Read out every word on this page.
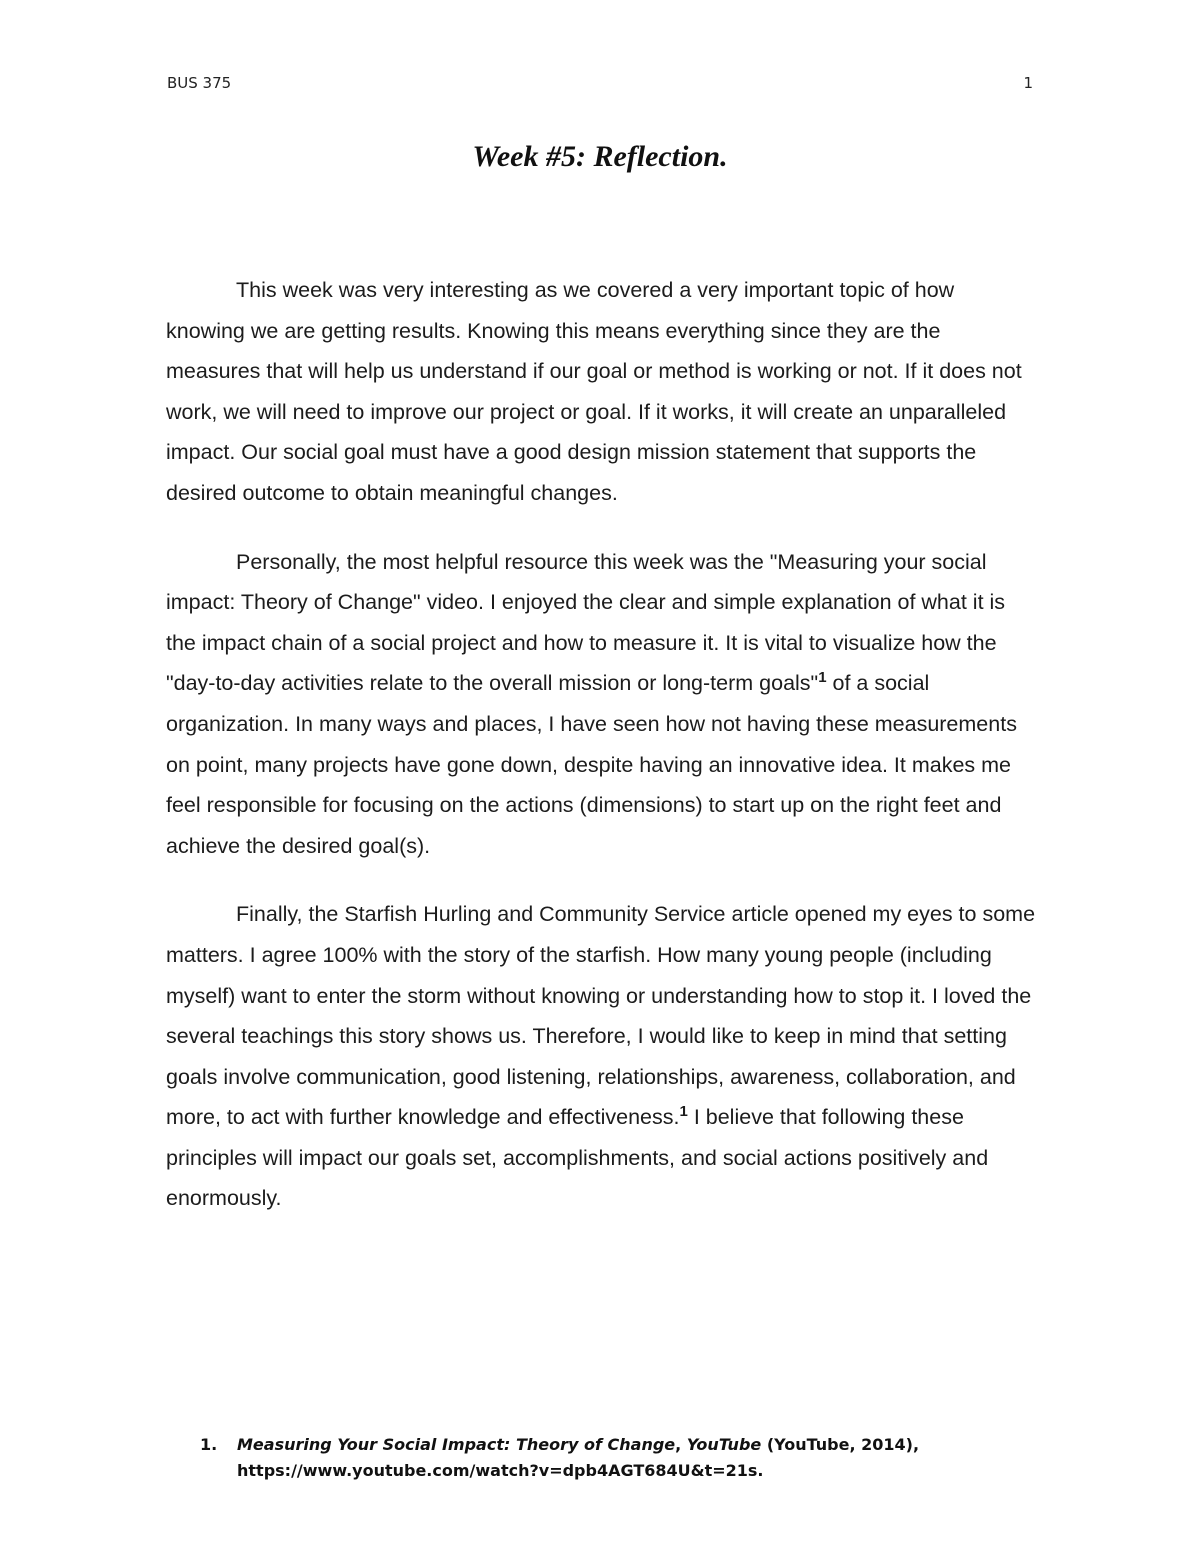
BUS 375	1
Week #5: Reflection.

This week was very interesting as we covered a very important topic of how knowing we are getting results. Knowing this means everything since they are the measures that will help us understand if our goal or method is working or not. If it does not work, we will need to improve our project or goal. If it works, it will create an unparalleled impact. Our social goal must have a good design mission statement that supports the desired outcome to obtain meaningful changes.

Personally, the most helpful resource this week was the "Measuring your social impact: Theory of Change" video. I enjoyed the clear and simple explanation of what it is the impact chain of a social project and how to measure it. It is vital to visualize how the "day-to-day activities relate to the overall mission or long-term goals"$^1$ of a social organization. In many ways and places, I have seen how not having these measurements on point, many projects have gone down, despite having an innovative idea. It makes me feel responsible for focusing on the actions (dimensions) to start up on the right feet and achieve the desired goal(s).

Finally, the Starfish Hurling and Community Service article opened my eyes to some matters. I agree 100% with the story of the starfish. How many young people (including myself) want to enter the storm without knowing or understanding how to stop it. I loved the several teachings this story shows us. Therefore, I would like to keep in mind that setting goals involve communication, good listening, relationships, awareness, collaboration, and more, to act with further knowledge and effectiveness.$^1$ I believe that following these principles will impact our goals set, accomplishments, and social actions positively and enormously.

1. Measuring Your Social Impact: Theory of Change, YouTube (YouTube, 2014), https://www.youtube.com/watch?v=dpb4AGT684U&t=21s.
